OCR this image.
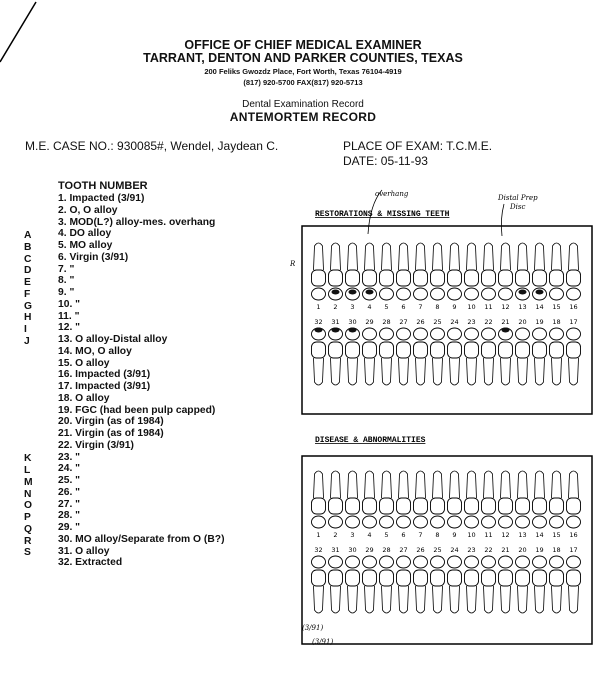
OFFICE OF CHIEF MEDICAL EXAMINER
TARRANT, DENTON AND PARKER COUNTIES, TEXAS
200 Feliks Gwozdz Place, Fort Worth, Texas 76104-4919
(817) 920-5700 FAX(817) 920-5713
Dental Examination Record
ANTEMORTEM RECORD
M.E. CASE NO.: 930085#, Wendel, Jaydean C.	PLACE OF EXAM: T.C.M.E.
DATE: 05-11-93
TOOTH NUMBER
1. Impacted (3/91)
2. O, O alloy
3. MOD(L?) alloy-mes. overhang
4. DO alloy
5. MO alloy
6. Virgin (3/91)
7. "
8. "
9. "
10. "
11. "
12. "
13. O alloy-Distal alloy
14. MO, O alloy
15. O alloy
16. Impacted (3/91)
17. Impacted (3/91)
18. O alloy
19. FGC (had been pulp capped)
20. Virgin (as of 1984)
21. Virgin (as of 1984)
22. Virgin (3/91)
23. "
24. "
25. "
26. "
27. "
28. "
29. "
30. MO alloy/Separate from O (B?)
31. O alloy
32. Extracted
A
B
C
D
E
F
G
H
I
J
K
L
M
N
O
P
Q
R
S
RESTORATIONS & MISSING TEETH
overhang	Distal Prep
Disc
1 2 3 4 5 6 7 8 9 10 11 12 13 14 15 16
32 31 30 29 28 27 26 25 24 23 22 21 20 19 18 17
R
DISEASE & ABNORMALITIES
1 2 3 4 5 6 7 8 9 10 11 12 13 14 15 16
32 31 30 29 28 27 26 25 24 23 22 21 20 19 18 17
(3/91)
(3/91)
